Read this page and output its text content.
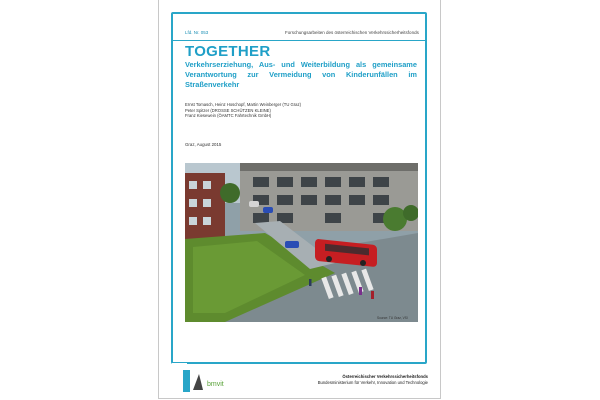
Lfd. Nr. 053	Forschungsarbeiten des österreichischen Verkehrssicherheitsfonds
TOGETHER
Verkehrserziehung, Aus- und Weiterbildung als gemeinsame Verantwortung zur Vermeidung von Kinderunfällen im Straßenverkehr
Ernst Tomasch, Heinz Hoschopf, Martin Weinberger (TU Graz)
Peter Spitzer (DROSSE SCHÜTZEN KLEINE)
Franz Kiesewein (ÖAMTC Fahrtechnik GmbH)
Graz, August 2015
Source: TU Graz, VSI
bmvit
Österreichischer Verkehrssicherheitsfonds
Bundesministerium für Verkehr, Innovation und Technologie
